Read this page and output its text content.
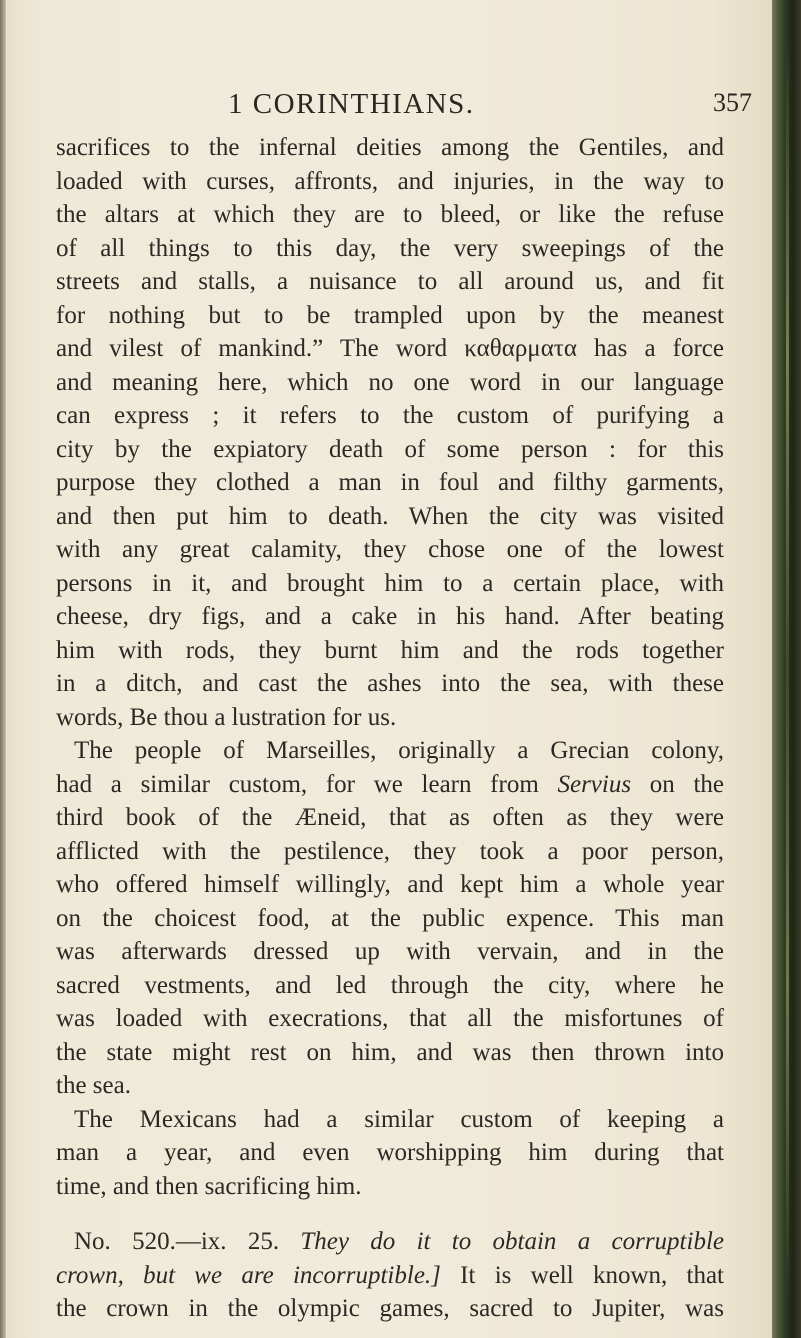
1 CORINTHIANS.	357
sacrifices to the infernal deities among the Gentiles, and
loaded with curses, affronts, and injuries, in the way to
the altars at which they are to bleed, or like the refuse
of all things to this day, the very sweepings of the
streets and stalls, a nuisance to all around us, and fit
for nothing but to be trampled upon by the meanest
and vilest of mankind.” The word καθαρματα has a force
and meaning here, which no one word in our language
can express ; it refers to the custom of purifying a
city by the expiatory death of some person : for this
purpose they clothed a man in foul and filthy garments,
and then put him to death. When the city was visited
with any great calamity, they chose one of the lowest
persons in it, and brought him to a certain place, with
cheese, dry figs, and a cake in his hand. After beating
him with rods, they burnt him and the rods together
in a ditch, and cast the ashes into the sea, with these
words, Be thou a lustration for us.
The people of Marseilles, originally a Grecian colony,
had a similar custom, for we learn from Servius on the
third book of the Æneid, that as often as they were
afflicted with the pestilence, they took a poor person,
who offered himself willingly, and kept him a whole year
on the choicest food, at the public expence. This man
was afterwards dressed up with vervain, and in the
sacred vestments, and led through the city, where he
was loaded with execrations, that all the misfortunes of
the state might rest on him, and was then thrown into
the sea.
The Mexicans had a similar custom of keeping a
man a year, and even worshipping him during that
time, and then sacrificing him.
No. 520.—ix. 25. They do it to obtain a corruptible
crown, but we are incorruptible.] It is well known, that
the crown in the olympic games, sacred to Jupiter, was
